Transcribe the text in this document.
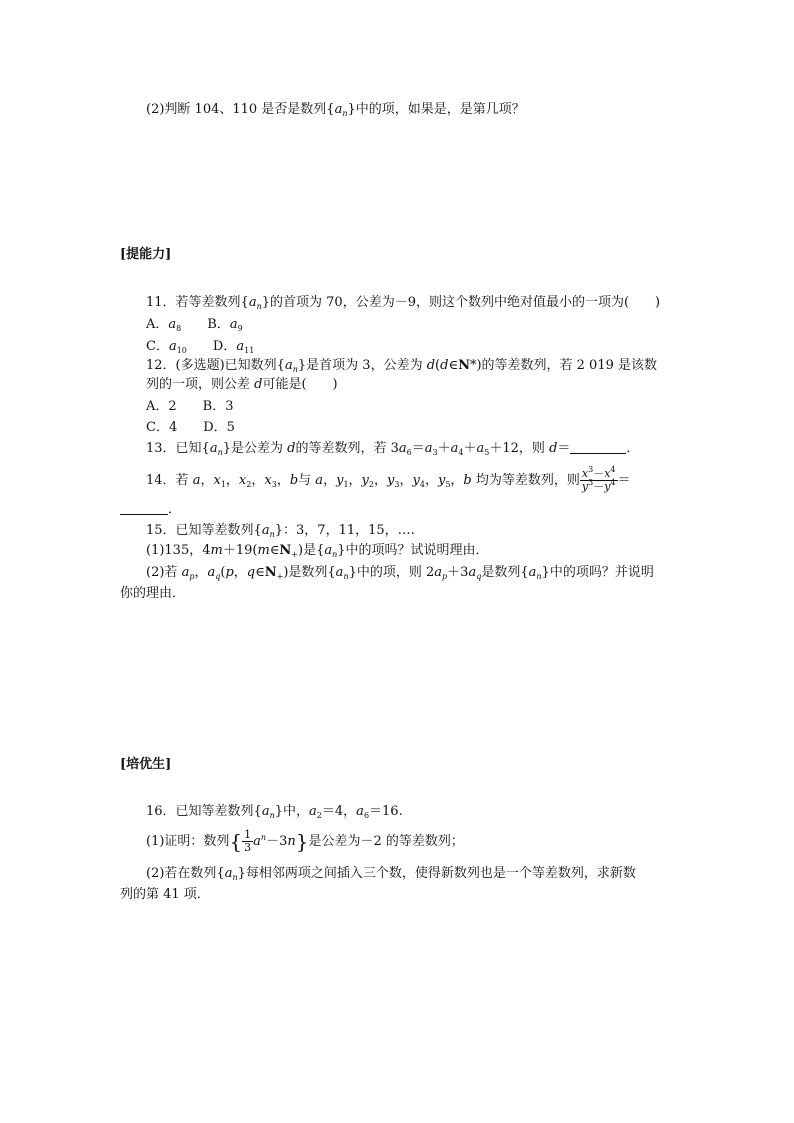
(2)判断 104、110 是否是数列$\{a_n\}$中的项，如果是，是第几项？
[提能力]
11．若等差数列$\{a_n\}$的首项为 70，公差为－9，则这个数列中绝对值最小的一项为(　　)
A．$a_8$　　B．$a_9$
C．$a_{10}$　　D．$a_{11}$
12．(多选题)已知数列$\{a_n\}$是首项为 3，公差为 d(d∈N*)的等差数列，若 2 019 是该数
列的一项，则公差 d可能是(　　)
A．2　　B．3
C．4　　D．5
13．已知$\{a_n\}$是公差为 d的等差数列，若 $3a_6=a_3+a_4+a_5+12$，则 d＝	．
14．若 a，$x_1$，$x_2$，$x_3$，b与 a，$y_1$，$y_2$，$y_3$，$y_4$，$y_5$，b 均为等差数列，则 $\frac{x^3-x^4}{y^3-y^4}$ ＝
．
15．已知等差数列$\{a_n\}$：3，7，11，15，….
(1)135，$4m+19(m\in N_+)$是$\{a_n\}$中的项吗？试说明理由．
(2)若 $a_p$，$a_q(p$，$q\in N_+$)是数列$\{a_n\}$中的项，则 $2a_p+3a_q$是数列$\{a_n\}$中的项吗？并说明
你的理由．
[培优生]
16．已知等差数列$\{a_n\}$中，$a_2=4$，$a_6=16$.
(1)证明：数列{ $\frac{1}{3} a^n-3n$}是公差为－2 的等差数列；
(2)若在数列$\{a_n\}$每相邻两项之间插入三个数，使得新数列也是一个等差数列，求新数
列的第 41 项．
